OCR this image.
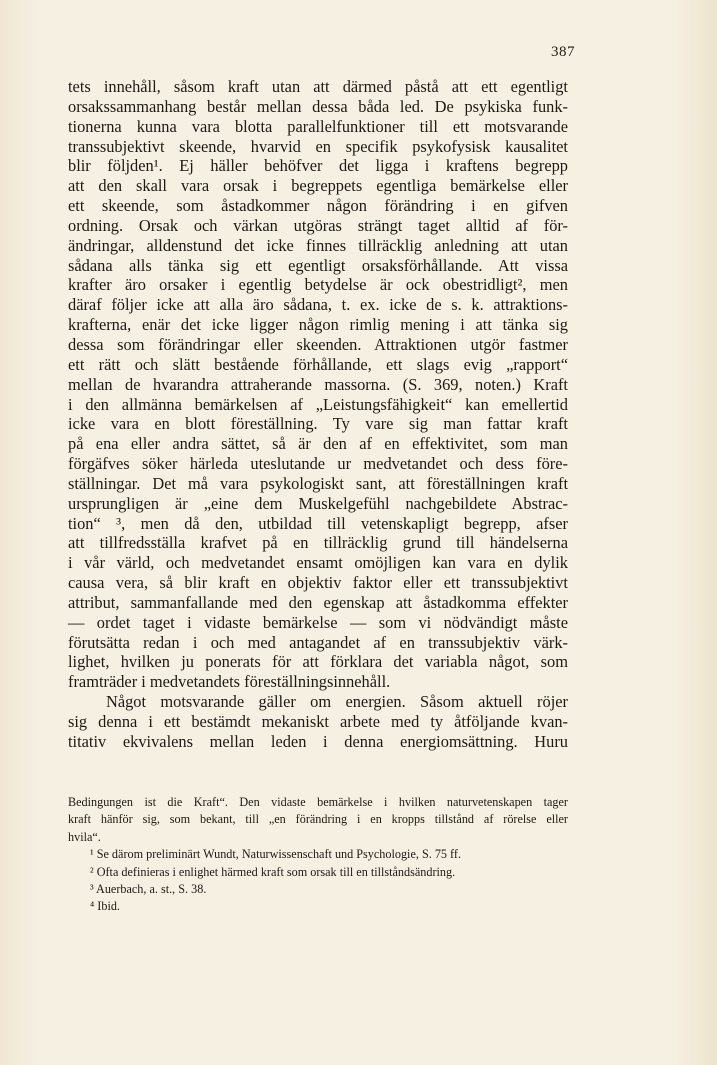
387
tets innehåll, såsom kraft utan att därmed påstå att ett egentligt
orsakssammanhang består mellan dessa båda led. De psykiska funk-
tionerna kunna vara blotta parallelfunktioner till ett motsvarande
transsubjektivt skeende, hvarvid en specifik psykofysisk kausalitet
blir följden¹. Ej häller behöfver det ligga i kraftens begrepp
att den skall vara orsak i begreppets egentliga bemärkelse eller
ett skeende, som åstadkommer någon förändring i en gifven
ordning. Orsak och värkan utgöras strängt taget alltid af för-
ändringar, alldenstund det icke finnes tillräcklig anledning att utan
sådana alls tänka sig ett egentligt orsaksförhållande. Att vissa
krafter äro orsaker i egentlig betydelse är ock obestridligt², men
däraf följer icke att alla äro sådana, t. ex. icke de s. k. attraktions-
krafterna, enär det icke ligger någon rimlig mening i att tänka sig
dessa som förändringar eller skeenden. Attraktionen utgör fastmer
ett rätt och slätt bestående förhållande, ett slags evig „rapport“
mellan de hvarandra attraherande massorna. (S. 369, noten.) Kraft
i den allmänna bemärkelsen af „Leistungsfähigkeit“ kan emellertid
icke vara en blott föreställning. Ty vare sig man fattar kraft
på ena eller andra sättet, så är den af en effektivitet, som man
förgäfves söker härleda uteslutande ur medvetandet och dess före-
ställningar. Det må vara psykologiskt sant, att föreställningen kraft
ursprungligen är „eine dem Muskelgefühl nachgebildete Abstrac-
tion“ ³, men då den, utbildad till vetenskapligt begrepp, afser
att tillfredsställa krafvet på en tillräcklig grund till händelserna
i vår värld, och medvetandet ensamt omöjligen kan vara en dylik
causa vera, så blir kraft en objektiv faktor eller ett transsubjektivt
attribut, sammanfallande med den egenskap att åstadkomma effekter
— ordet taget i vidaste bemärkelse — som vi nödvändigt måste
förutsätta redan i och med antagandet af en transsubjektiv värk-
lighet, hvilken ju ponerats för att förklara det variabla något, som
framträder i medvetandets föreställningsinnehåll.
Något motsvarande gäller om energien. Såsom aktuell röjer
sig denna i ett bestämdt mekaniskt arbete med ty åtföljande kvan-
titativ ekvivalens mellan leden i denna energiomsättning. Huru
Bedingungen ist die Kraft“. Den vidaste bemärkelse i hvilken naturvetenskapen tager
kraft hänför sig, som bekant, till „en förändring i en kropps tillstånd af rörelse eller
hvila“.
¹ Se därom preliminärt Wundt, Naturwissenschaft und Psychologie, S. 75 ff.
² Ofta definieras i enlighet härmed kraft som orsak till en tillståndsändring.
³ Auerbach, a. st., S. 38.
⁴ Ibid.
